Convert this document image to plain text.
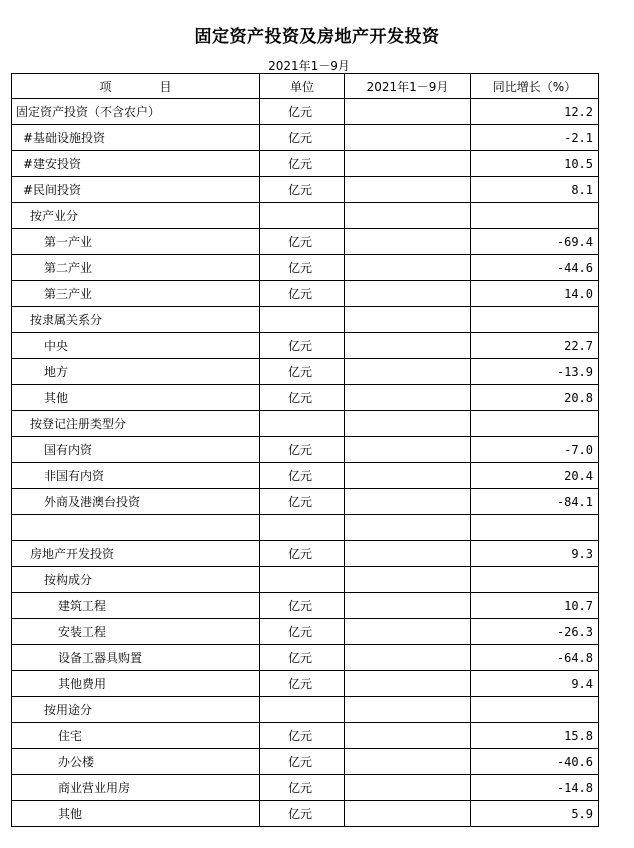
固定资产投资及房地产开发投资
2021年1－9月
项　　　　目	单位	2021年1－9月	同比增长（%）
固定资产投资（不含农户）	亿元		12.2
#基础设施投资	亿元		-2.1
#建安投资	亿元		10.5
#民间投资	亿元		8.1
按产业分			
第一产业	亿元		-69.4
第二产业	亿元		-44.6
第三产业	亿元		14.0
按隶属关系分			
中央	亿元		22.7
地方	亿元		-13.9
其他	亿元		20.8
按登记注册类型分			
国有内资	亿元		-7.0
非国有内资	亿元		20.4
外商及港澳台投资	亿元		-84.1

房地产开发投资	亿元		9.3
按构成分			
建筑工程	亿元		10.7
安装工程	亿元		-26.3
设备工器具购置	亿元		-64.8
其他费用	亿元		9.4
按用途分			
住宅	亿元		15.8
办公楼	亿元		-40.6
商业营业用房	亿元		-14.8
其他	亿元		5.9
